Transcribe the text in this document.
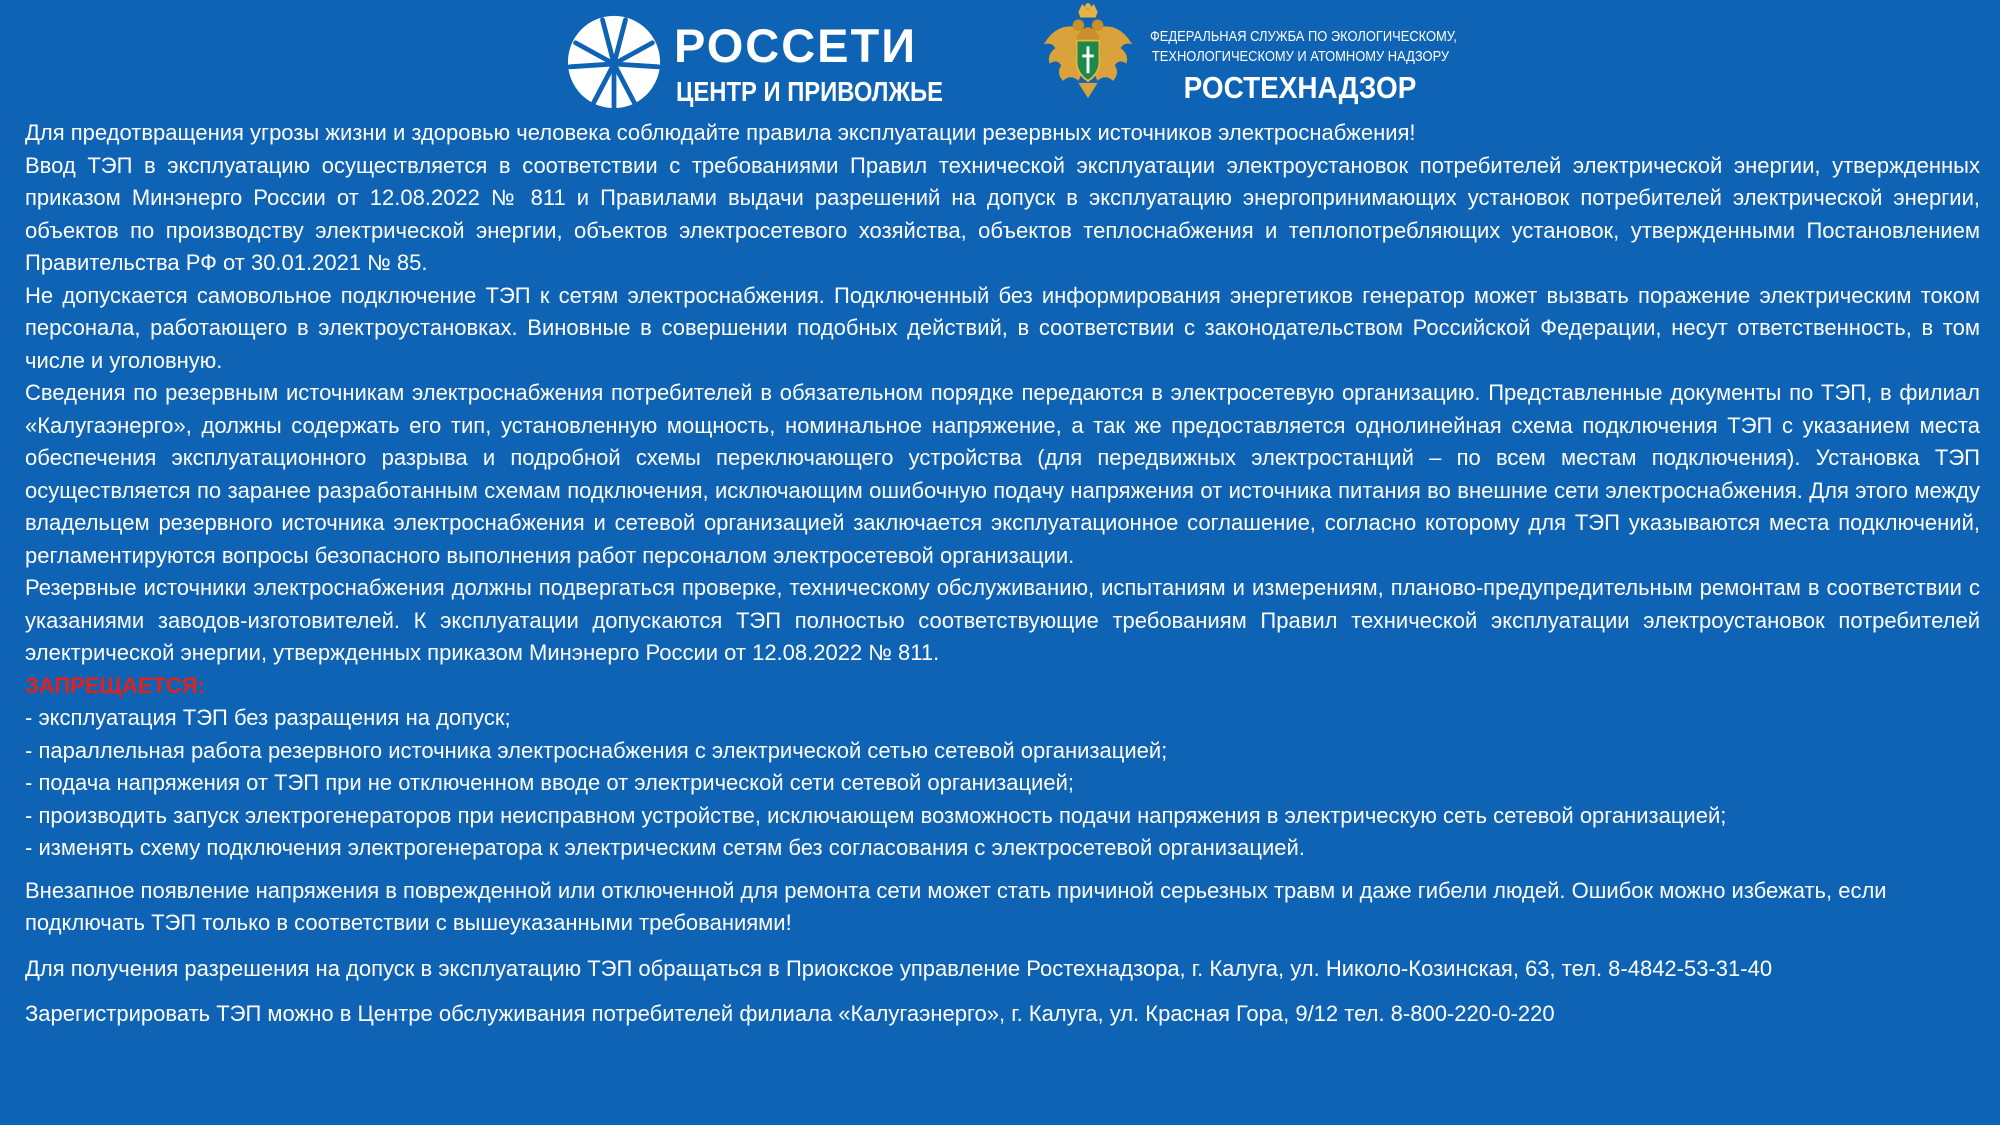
РОССЕТИ
ЦЕНТР И ПРИВОЛЖЬЕ
ФЕДЕРАЛЬНАЯ СЛУЖБА ПО ЭКОЛОГИЧЕСКОМУ,
ТЕХНОЛОГИЧЕСКОМУ И АТОМНОМУ НАДЗОРУ
РОСТЕХНАДЗОР

Для предотвращения угрозы жизни и здоровью человека соблюдайте правила эксплуатации резервных источников электроснабжения!

Ввод ТЭП в эксплуатацию осуществляется в соответствии с требованиями Правил технической эксплуатации электроустановок потребителей электрической энергии, утвержденных приказом Минэнерго России от 12.08.2022 № 811 и Правилами выдачи разрешений на допуск в эксплуатацию энергопринимающих установок потребителей электрической энергии, объектов по производству электрической энергии, объектов электросетевого хозяйства, объектов теплоснабжения и теплопотребляющих установок, утвержденными Постановлением Правительства РФ от 30.01.2021 № 85.

Не допускается самовольное подключение ТЭП к сетям электроснабжения. Подключенный без информирования энергетиков генератор может вызвать поражение электрическим током персонала, работающего в электроустановках. Виновные в совершении подобных действий, в соответствии с законодательством Российской Федерации, несут ответственность, в том числе и уголовную.

Сведения по резервным источникам электроснабжения потребителей в обязательном порядке передаются в электросетевую организацию. Представленные документы по ТЭП, в филиал «Калугаэнерго», должны содержать его тип, установленную мощность, номинальное напряжение, а так же предоставляется однолинейная схема подключения ТЭП с указанием места обеспечения эксплуатационного разрыва и подробной схемы переключающего устройства (для передвижных электростанций – по всем местам подключения). Установка ТЭП осуществляется по заранее разработанным схемам подключения, исключающим ошибочную подачу напряжения от источника питания во внешние сети электроснабжения. Для этого между владельцем резервного источника электроснабжения и сетевой организацией заключается эксплуатационное соглашение, согласно которому для ТЭП указываются места подключений, регламентируются вопросы безопасного выполнения работ персоналом электросетевой организации.

Резервные источники электроснабжения должны подвергаться проверке, техническому обслуживанию, испытаниям и измерениям, планово-предупредительным ремонтам в соответствии с указаниями заводов-изготовителей. К эксплуатации допускаются ТЭП полностью соответствующие требованиям Правил технической эксплуатации электроустановок потребителей электрической энергии, утвержденных приказом Минэнерго России от 12.08.2022 № 811.

ЗАПРЕЩАЕТСЯ:
- эксплуатация ТЭП без разращения на допуск;
- параллельная работа резервного источника электроснабжения с электрической сетью сетевой организацией;
- подача напряжения от ТЭП при не отключенном вводе от электрической сети сетевой организацией;
- производить запуск электрогенераторов при неисправном устройстве, исключающем возможность подачи напряжения в электрическую сеть сетевой организацией;
- изменять схему подключения электрогенератора к электрическим сетям без согласования с электросетевой организацией.

Внезапное появление напряжения в поврежденной или отключенной для ремонта сети может стать причиной серьезных травм и даже гибели людей. Ошибок можно избежать, если подключать ТЭП только в соответствии с вышеуказанными требованиями!

Для получения разрешения на допуск в эксплуатацию ТЭП обращаться в Приокское управление Ростехнадзора, г. Калуга, ул. Николо-Козинская, 63, тел. 8-4842-53-31-40

Зарегистрировать ТЭП можно в Центре обслуживания потребителей филиала «Калугаэнерго», г. Калуга, ул. Красная Гора, 9/12 тел. 8-800-220-0-220
